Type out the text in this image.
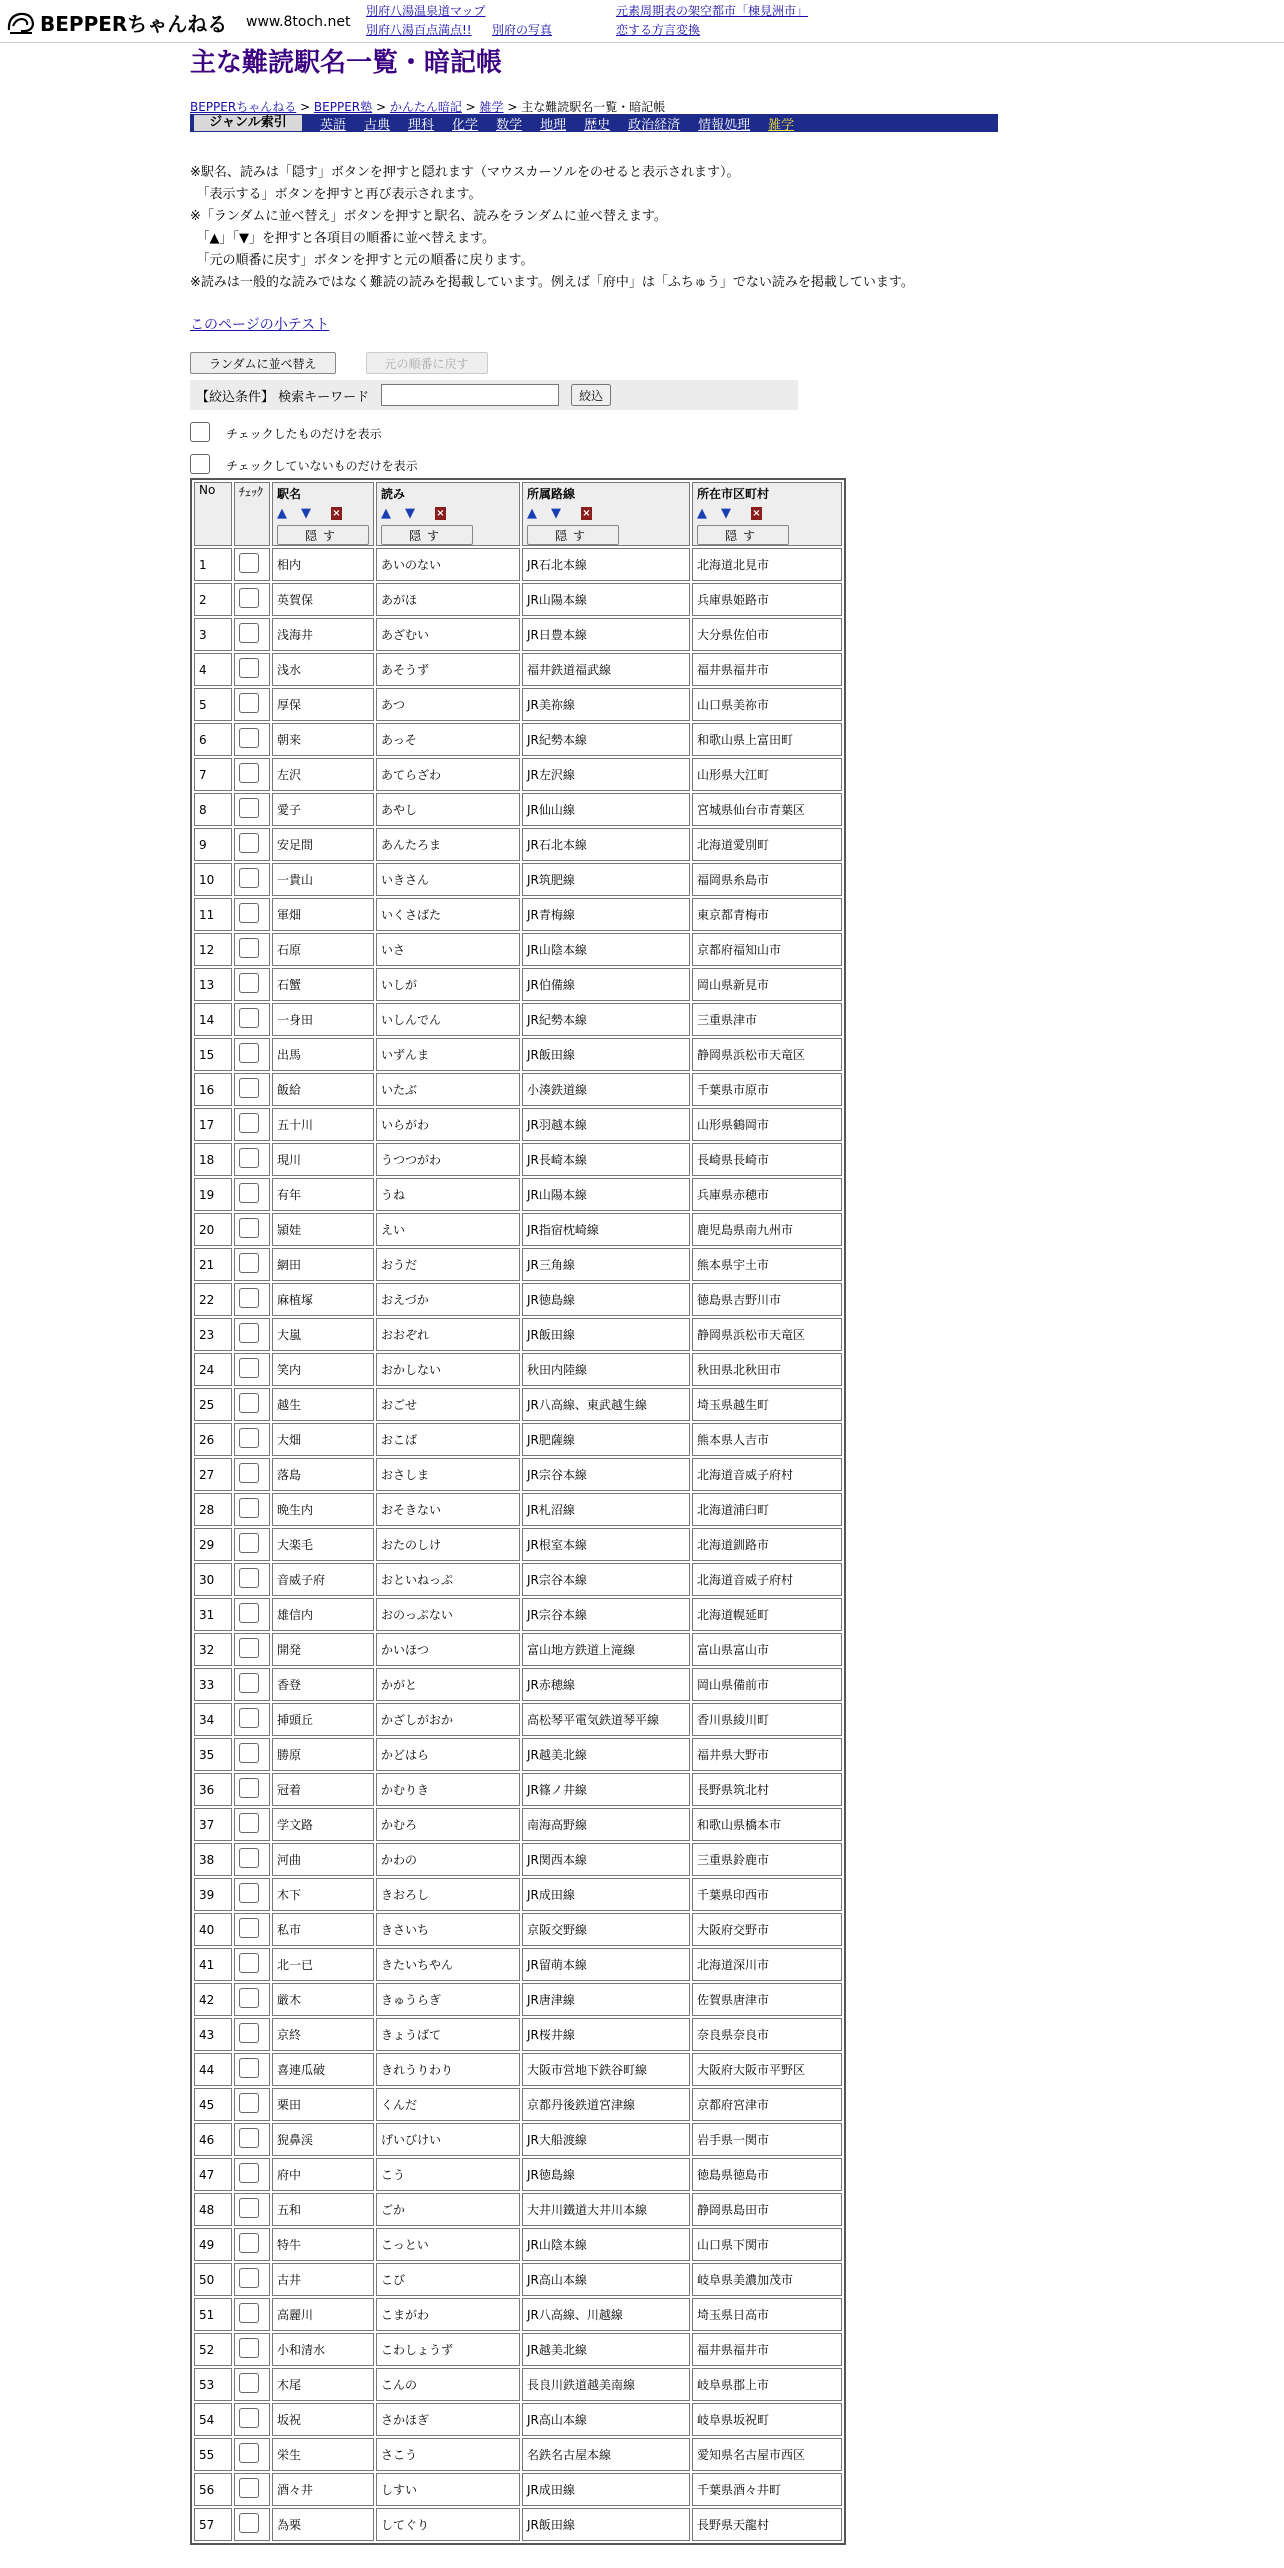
BEPPERちゃんねる www.8toch.net
別府八湯温泉道マップ
別府八湯百点満点!!	別府の写真
元素周期表の架空都市「棟見洲市」
恋する方言変換
主な難読駅名一覧・暗記帳
BEPPERちゃんねる > BEPPER塾 > かんたん暗記 > 雑学 > 主な難読駅名一覧・暗記帳
ジャンル索引	英語 古典 理科 化学 数学 地理 歴史 政治経済 情報処理 雑学

※駅名、読みは「隠す」ボタンを押すと隠れます（マウスカーソルをのせると表示されます）。

　「表示する」ボタンを押すと再び表示されます。

※「ランダムに並べ替え」ボタンを押すと駅名、読みをランダムに並べ替えます。

　「▲」「▼」を押すと各項目の順番に並べ替えます。

　「元の順番に戻す」ボタンを押すと元の順番に戻ります。

※読みは一般的な読みではなく難読の読みを掲載しています。例えば「府中」は「ふちゅう」でない読みを掲載しています。

このページの小テスト
ランダムに並べ替え	元の順番に戻す
【絞込条件】 検索キーワード	絞込
チェックしたものだけを表示
チェックしていないものだけを表示
No	ﾁｪｯｸ	駅名
▲ ▼ ×
隠す	読み
▲ ▼ ×
隠す	所属路線
▲ ▼ ×
隠す	所在市区町村
▲ ▼ ×
隠す
1		相内	あいのない	JR石北本線	北海道北見市
2		英賀保	あがほ	JR山陽本線	兵庫県姫路市
3		浅海井	あざむい	JR日豊本線	大分県佐伯市
4		浅水	あそうず	福井鉄道福武線	福井県福井市
5		厚保	あつ	JR美祢線	山口県美祢市
6		朝来	あっそ	JR紀勢本線	和歌山県上富田町
7		左沢	あてらざわ	JR左沢線	山形県大江町
8		愛子	あやし	JR仙山線	宮城県仙台市青葉区
9		安足間	あんたろま	JR石北本線	北海道愛別町
10		一貴山	いきさん	JR筑肥線	福岡県糸島市
11		軍畑	いくさばた	JR青梅線	東京都青梅市
12		石原	いさ	JR山陰本線	京都府福知山市
13		石蟹	いしが	JR伯備線	岡山県新見市
14		一身田	いしんでん	JR紀勢本線	三重県津市
15		出馬	いずんま	JR飯田線	静岡県浜松市天竜区
16		飯給	いたぶ	小湊鉄道線	千葉県市原市
17		五十川	いらがわ	JR羽越本線	山形県鶴岡市
18		現川	うつつがわ	JR長崎本線	長崎県長崎市
19		有年	うね	JR山陽本線	兵庫県赤穂市
20		頴娃	えい	JR指宿枕崎線	鹿児島県南九州市
21		網田	おうだ	JR三角線	熊本県宇土市
22		麻植塚	おえづか	JR徳島線	徳島県吉野川市
23		大嵐	おおぞれ	JR飯田線	静岡県浜松市天竜区
24		笑内	おかしない	秋田内陸線	秋田県北秋田市
25		越生	おごせ	JR八高線、東武越生線	埼玉県越生町
26		大畑	おこば	JR肥薩線	熊本県人吉市
27		落島	おさしま	JR宗谷本線	北海道音威子府村
28		晩生内	おそきない	JR札沼線	北海道浦臼町
29		大楽毛	おたのしけ	JR根室本線	北海道釧路市
30		音威子府	おといねっぷ	JR宗谷本線	北海道音威子府村
31		雄信内	おのっぷない	JR宗谷本線	北海道幌延町
32		開発	かいほつ	富山地方鉄道上滝線	富山県富山市
33		香登	かがと	JR赤穂線	岡山県備前市
34		挿頭丘	かざしがおか	高松琴平電気鉄道琴平線	香川県綾川町
35		勝原	かどはら	JR越美北線	福井県大野市
36		冠着	かむりき	JR篠ノ井線	長野県筑北村
37		学文路	かむろ	南海高野線	和歌山県橋本市
38		河曲	かわの	JR関西本線	三重県鈴鹿市
39		木下	きおろし	JR成田線	千葉県印西市
40		私市	きさいち	京阪交野線	大阪府交野市
41		北一已	きたいちやん	JR留萌本線	北海道深川市
42		厳木	きゅうらぎ	JR唐津線	佐賀県唐津市
43		京終	きょうばて	JR桜井線	奈良県奈良市
44		喜連瓜破	きれうりわり	大阪市営地下鉄谷町線	大阪府大阪市平野区
45		栗田	くんだ	京都丹後鉄道宮津線	京都府宮津市
46		猊鼻渓	げいびけい	JR大船渡線	岩手県一関市
47		府中	こう	JR徳島線	徳島県徳島市
48		五和	ごか	大井川鐵道大井川本線	静岡県島田市
49		特牛	こっとい	JR山陰本線	山口県下関市
50		古井	こび	JR高山本線	岐阜県美濃加茂市
51		高麗川	こまがわ	JR八高線、川越線	埼玉県日高市
52		小和清水	こわしょうず	JR越美北線	福井県福井市
53		木尾	こんの	長良川鉄道越美南線	岐阜県郡上市
54		坂祝	さかほぎ	JR高山本線	岐阜県坂祝町
55		栄生	さこう	名鉄名古屋本線	愛知県名古屋市西区
56		酒々井	しすい	JR成田線	千葉県酒々井町
57		為栗	してぐり	JR飯田線	長野県天龍村
